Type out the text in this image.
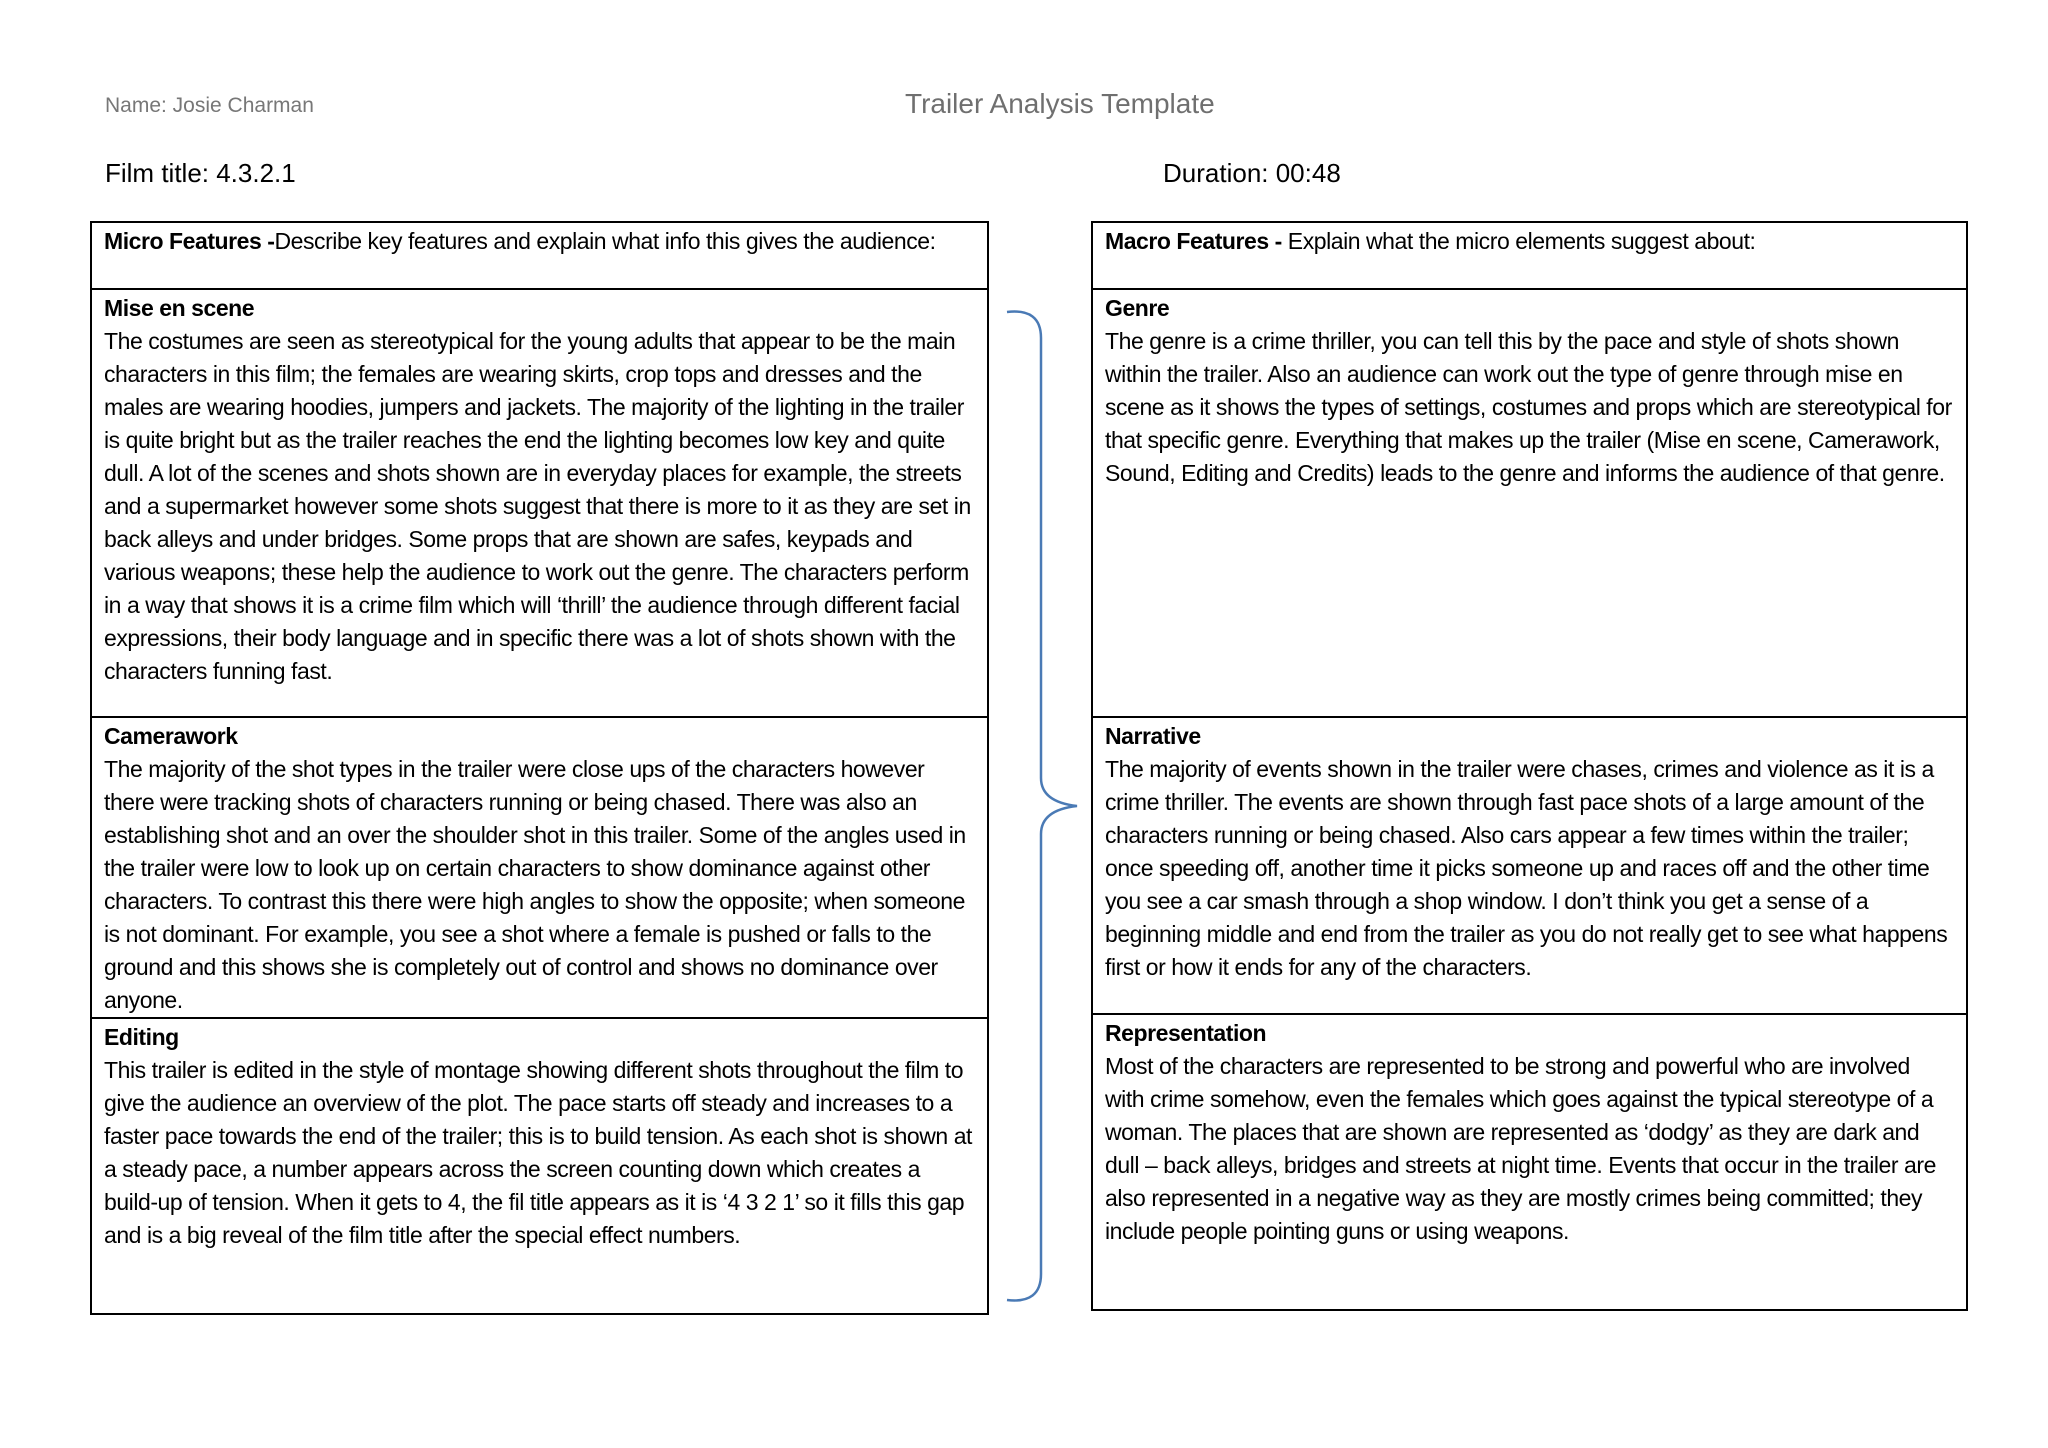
Name: Josie Charman	Trailer Analysis Template
Film title: 4.3.2.1	Duration: 00:48
Micro Features -Describe key features and explain what info this gives the audience:

Mise en scene
The costumes are seen as stereotypical for the young adults that appear to be the main characters in this film; the females are wearing skirts, crop tops and dresses and the males are wearing hoodies, jumpers and jackets. The majority of the lighting in the trailer is quite bright but as the trailer reaches the end the lighting becomes low key and quite dull. A lot of the scenes and shots shown are in everyday places for example, the streets and a supermarket however some shots suggest that there is more to it as they are set in back alleys and under bridges. Some props that are shown are safes, keypads and various weapons; these help the audience to work out the genre. The characters perform in a way that shows it is a crime film which will ‘thrill’ the audience through different facial expressions, their body language and in specific there was a lot of shots shown with the characters funning fast.

Camerawork
The majority of the shot types in the trailer were close ups of the characters however there were tracking shots of characters running or being chased. There was also an establishing shot and an over the shoulder shot in this trailer. Some of the angles used in the trailer were low to look up on certain characters to show dominance against other characters. To contrast this there were high angles to show the opposite; when someone is not dominant. For example, you see a shot where a female is pushed or falls to the ground and this shows she is completely out of control and shows no dominance over anyone.

Editing
This trailer is edited in the style of montage showing different shots throughout the film to give the audience an overview of the plot. The pace starts off steady and increases to a faster pace towards the end of the trailer; this is to build tension. As each shot is shown at a steady pace, a number appears across the screen counting down which creates a build-up of tension. When it gets to 4, the fil title appears as it is ‘4 3 2 1’ so it fills this gap and is a big reveal of the film title after the special effect numbers.
Macro Features - Explain what the micro elements suggest about:

Genre
The genre is a crime thriller, you can tell this by the pace and style of shots shown within the trailer. Also an audience can work out the type of genre through mise en scene as it shows the types of settings, costumes and props which are stereotypical for that specific genre. Everything that makes up the trailer (Mise en scene, Camerawork, Sound, Editing and Credits) leads to the genre and informs the audience of that genre.

Narrative
The majority of events shown in the trailer were chases, crimes and violence as it is a crime thriller. The events are shown through fast pace shots of a large amount of the characters running or being chased. Also cars appear a few times within the trailer; once speeding off, another time it picks someone up and races off and the other time you see a car smash through a shop window. I don’t think you get a sense of a beginning middle and end from the trailer as you do not really get to see what happens first or how it ends for any of the characters.

Representation
Most of the characters are represented to be strong and powerful who are involved with crime somehow, even the females which goes against the typical stereotype of a woman. The places that are shown are represented as ‘dodgy’ as they are dark and dull – back alleys, bridges and streets at night time. Events that occur in the trailer are also represented in a negative way as they are mostly crimes being committed; they include people pointing guns or using weapons.
